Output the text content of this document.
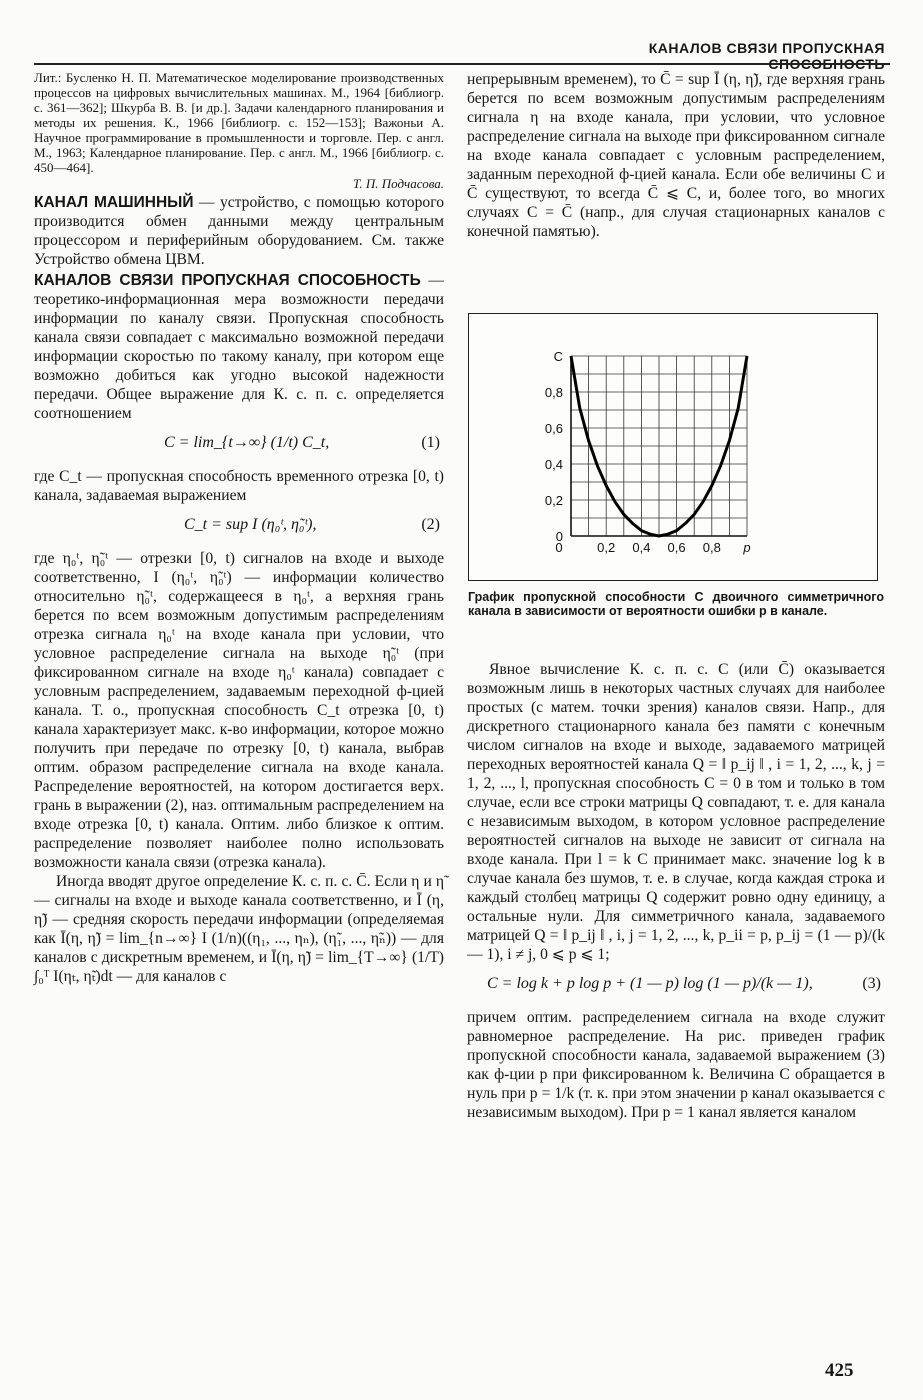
КАНАЛОВ СВЯЗИ ПРОПУСКНАЯ СПОСОБНОСТЬ

Лит.: Бусленко Н. П. Математическое моделирование производственных процессов на цифровых вычислительных машинах. М., 1964 [библиогр. с. 361—362]; Шкурба В. В. [и др.]. Задачи календарного планирования и методы их решения. К., 1966 [библиогр. с. 152—153]; Важоньи А. Научное программирование в промышленности и торговле. Пер. с англ. М., 1963; Календарное планирование. Пер. с англ. М., 1966 [библиогр. с. 450—464].

Т. П. Подчасова.

КАНАЛ МАШИННЫЙ — устройство, с помощью которого производится обмен данными между центральным процессором и периферийным оборудованием. См. также Устройство обмена ЦВМ.

КАНАЛОВ СВЯЗИ ПРОПУСКНАЯ СПОСОБНОСТЬ — теоретико-информационная мера возможности передачи информации по каналу связи. Пропускная способность канала связи совпадает с максимально возможной передачи информации скоростью по такому каналу, при котором еще возможно добиться как угодно высокой надежности передачи. Общее выражение для К. с. п. с. определяется соотношением

C = lim_{t→∞} (1/t) C_t,	(1)

где C_t — пропускная способность временного отрезка [0, t) канала, задаваемая выражением

C_t = sup I (η₀ᵗ, η̃₀ᵗ),	(2)

где η₀ᵗ, η̃₀ᵗ — отрезки [0, t) сигналов на входе и выходе соответственно, I (η₀ᵗ, η̃₀ᵗ) — информации количество относительно η̃₀ᵗ, содержащееся в η₀ᵗ, а верхняя грань берется по всем возможным допустимым распределениям отрезка сигнала η₀ᵗ на входе канала при условии, что условное распределение сигнала на выходе η̃₀ᵗ (при фиксированном сигнале на входе η₀ᵗ канала) совпадает с условным распределением, задаваемым переходной ф-цией канала. Т. о., пропускная способность C_t отрезка [0, t) канала характеризует макс. к-во информации, которое можно получить при передаче по отрезку [0, t) канала, выбрав оптим. образом распределение сигнала на входе канала. Распределение вероятностей, на котором достигается верх. грань в выражении (2), наз. оптимальным распределением на входе отрезка [0, t) канала. Оптим. либо близкое к оптим. распределение позволяет наиболее полно использовать возможности канала связи (отрезка канала).

Иногда вводят другое определение К. с. п. с. C̄. Если η и η̃ — сигналы на входе и выходе канала соответственно, и Ī (η, η̃) — средняя скорость передачи информации (определяемая как Ī(η, η̃) = lim_{n→∞} I (1/n)((η₁, ..., ηₙ), (η̃₁, ..., η̃ₙ)) — для каналов с дискретным временем, и Ī(η, η̃) = lim_{T→∞} (1/T) ∫₀ᵀ I(ηₜ, η̃ₜ)dt — для каналов с

непрерывным временем), то C̄ = sup Ī (η, η̃), где верхняя грань берется по всем возможным допустимым распределениям сигнала η на входе канала, при условии, что условное распределение сигнала на выходе при фиксированном сигнале на входе канала совпадает с условным распределением, заданным переходной ф-цией канала. Если обе величины C и C̄ существуют, то всегда C̄ ⩽ C, и, более того, во многих случаях C = C̄ (напр., для случая стационарных каналов с конечной памятью).

0
0,2
0,4
0,6
0,8
C
0	0,2 0,4 0,6 0,8 p
График пропускной способности C двоичного симметричного канала в зависимости от вероятности ошибки p в канале.

Явное вычисление К. с. п. с. C (или C̄) оказывается возможным лишь в некоторых частных случаях для наиболее простых (с матем. точки зрения) каналов связи. Напр., для дискретного стационарного канала без памяти с конечным числом сигналов на входе и выходе, задаваемого матрицей переходных вероятностей канала Q = ‖ p_ij ‖ , i = 1, 2, ..., k, j = 1, 2, ..., l, пропускная способность C = 0 в том и только в том случае, если все строки матрицы Q совпадают, т. е. для канала с независимым выходом, в котором условное распределение вероятностей сигналов на выходе не зависит от сигнала на входе канала. При l = k C принимает макс. значение log k в случае канала без шумов, т. е. в случае, когда каждая строка и каждый столбец матрицы Q содержит ровно одну единицу, а остальные нули. Для симметричного канала, задаваемого матрицей Q = ‖ p_ij ‖ , i, j = 1, 2, ..., k, p_ii = p, p_ij = (1 — p)/(k — 1), i ≠ j, 0 ⩽ p ⩽ 1;

C = log k + p log p + (1 — p) log (1 — p)/(k — 1),	(3)

причем оптим. распределением сигнала на входе служит равномерное распределение. На рис. приведен график пропускной способности канала, задаваемой выражением (3) как ф-ции p при фиксированном k. Величина C обращается в нуль при p = 1/k (т. к. при этом значении p канал оказывается с независимым выходом). При p = 1 канал является каналом

425
